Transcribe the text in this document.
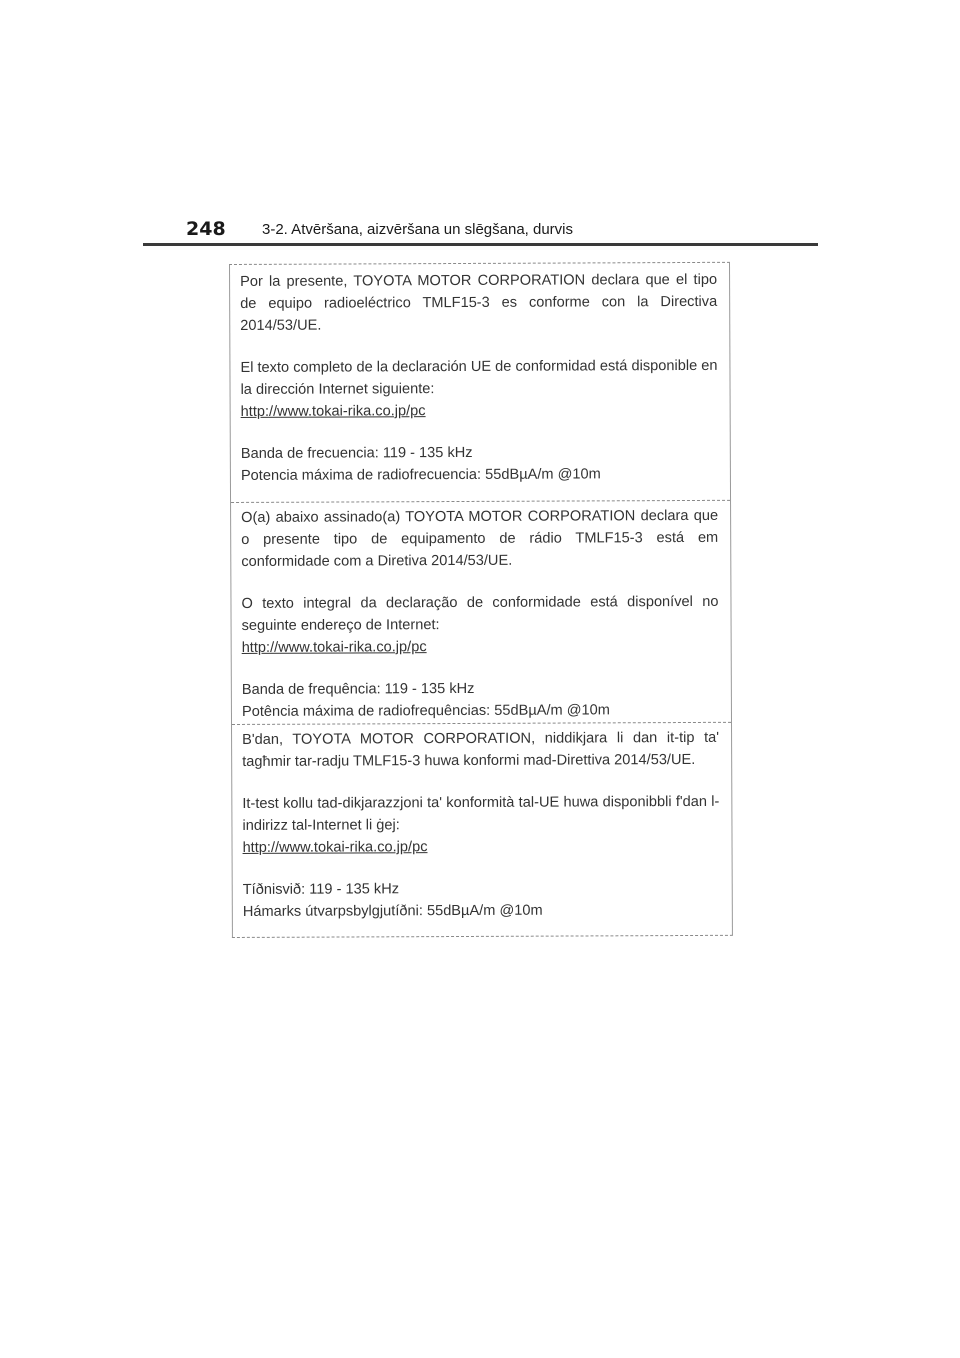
248 3-2. Atvēršana, aizvēršana un slēgšana, durvis

Por la presente, TOYOTA MOTOR CORPORATION declara que el tipo de equipo radioeléctrico TMLF15-3 es conforme con la Directiva 2014/53/UE.

El texto completo de la declaración UE de conformidad está disponible en la dirección Internet siguiente:

http://www.tokai-rika.co.jp/pc

Banda de frecuencia: 119 - 135 kHz

Potencia máxima de radiofrecuencia: 55dBµA/m @10m

O(a) abaixo assinado(a) TOYOTA MOTOR CORPORATION declara que o presente tipo de equipamento de rádio TMLF15-3 está em conformidade com a Diretiva 2014/53/UE.

O texto integral da declaração de conformidade está disponível no seguinte endereço de Internet:

http://www.tokai-rika.co.jp/pc

Banda de frequência: 119 - 135 kHz

Potência máxima de radiofrequências: 55dBµA/m @10m

B'dan, TOYOTA MOTOR CORPORATION, niddikjara li dan it-tip ta' tagħmir tar-radju TMLF15-3 huwa konformi mad-Direttiva 2014/53/UE.

It-test kollu tad-dikjarazzjoni ta' konformità tal-UE huwa disponibbli f'dan l-indirizz tal-Internet li ġej:

http://www.tokai-rika.co.jp/pc

Tíðnisvið: 119 - 135 kHz

Hámarks útvarpsbylgjutíðni: 55dBµA/m @10m
